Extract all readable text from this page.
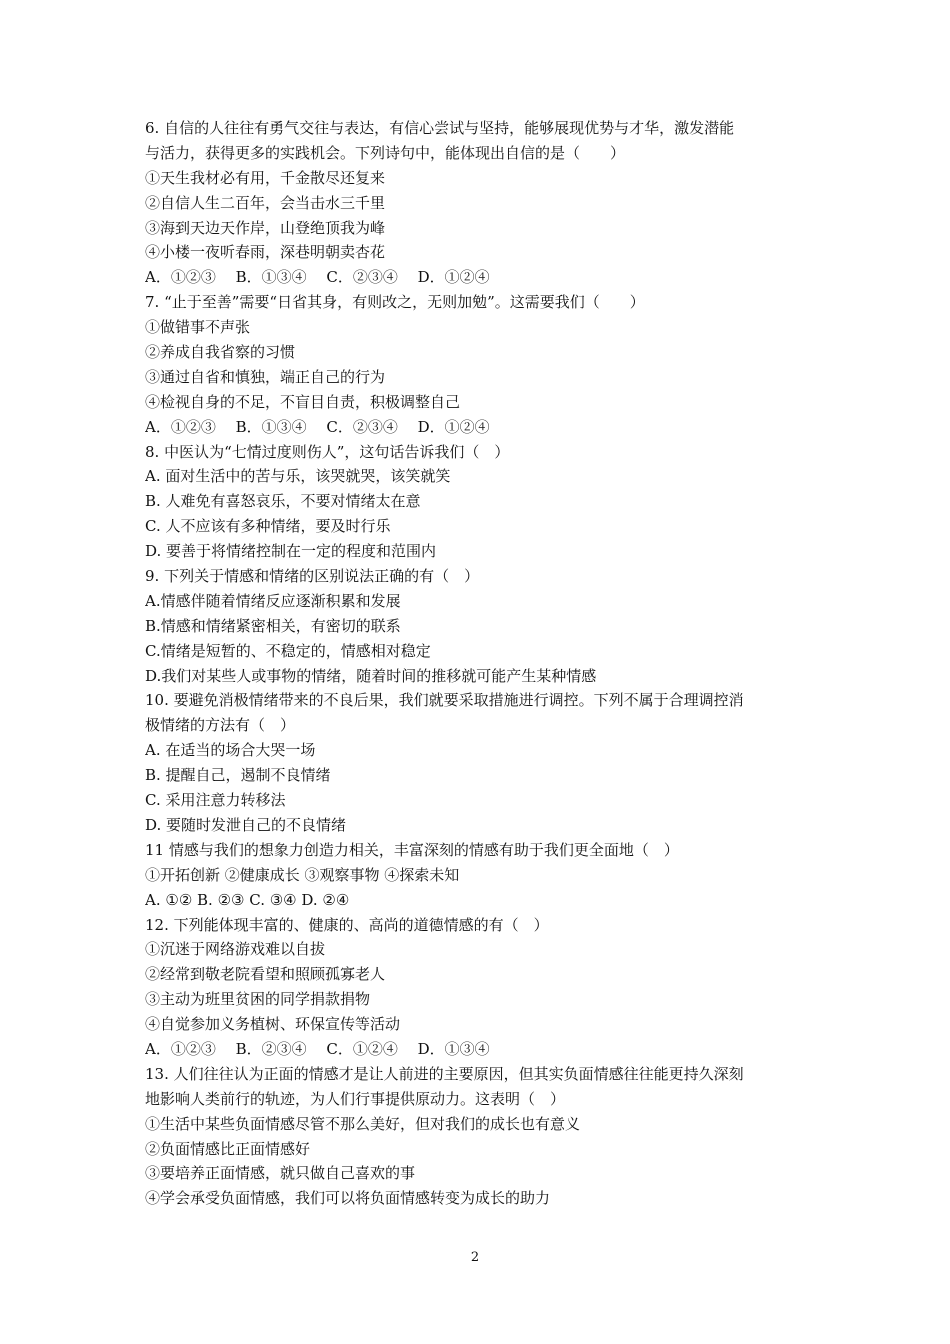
6. 自信的人往往有勇气交往与表达，有信心尝试与坚持，能够展现优势与才华，激发潜能
与活力，获得更多的实践机会。下列诗句中，能体现出自信的是（　　）
①天生我材必有用，千金散尽还复来
②自信人生二百年，会当击水三千里
③海到天边天作岸，山登绝顶我为峰
④小楼一夜听春雨，深巷明朝卖杏花
A．①②③　 B．①③④　 C．②③④　 D．①②④
7. “止于至善”需要“日省其身，有则改之，无则加勉”。这需要我们（　　）
①做错事不声张
②养成自我省察的习惯
③通过自省和慎独，端正自己的行为
④检视自身的不足，不盲目自责，积极调整自己
A．①②③　 B．①③④　 C．②③④　 D．①②④
8. 中医认为“七情过度则伤人”，这句话告诉我们（　）
A. 面对生活中的苦与乐，该哭就哭，该笑就笑
B. 人难免有喜怒哀乐，不要对情绪太在意
C. 人不应该有多种情绪，要及时行乐
D. 要善于将情绪控制在一定的程度和范围内
9. 下列关于情感和情绪的区别说法正确的有（　）
A.情感伴随着情绪反应逐渐积累和发展
B.情感和情绪紧密相关，有密切的联系
C.情绪是短暂的、不稳定的，情感相对稳定
D.我们对某些人或事物的情绪，随着时间的推移就可能产生某种情感
10. 要避免消极情绪带来的不良后果，我们就要采取措施进行调控。下列不属于合理调控消
极情绪的方法有（　）
A. 在适当的场合大哭一场
B. 提醒自己，遏制不良情绪
C. 采用注意力转移法
D. 要随时发泄自己的不良情绪
11 情感与我们的想象力创造力相关，丰富深刻的情感有助于我们更全面地（　）
①开拓创新 ②健康成长 ③观察事物 ④探索未知
A. ①② B. ②③ C. ③④ D. ②④
12. 下列能体现丰富的、健康的、高尚的道德情感的有（　）
①沉迷于网络游戏难以自拔
②经常到敬老院看望和照顾孤寡老人
③主动为班里贫困的同学捐款捐物
④自觉参加义务植树、环保宣传等活动
A．①②③　 B．②③④　 C．①②④　 D．①③④
13. 人们往往认为正面的情感才是让人前进的主要原因，但其实负面情感往往能更持久深刻
地影响人类前行的轨迹，为人们行事提供原动力。这表明（　）
①生活中某些负面情感尽管不那么美好，但对我们的成长也有意义
②负面情感比正面情感好
③要培养正面情感，就只做自己喜欢的事
④学会承受负面情感，我们可以将负面情感转变为成长的助力
2
